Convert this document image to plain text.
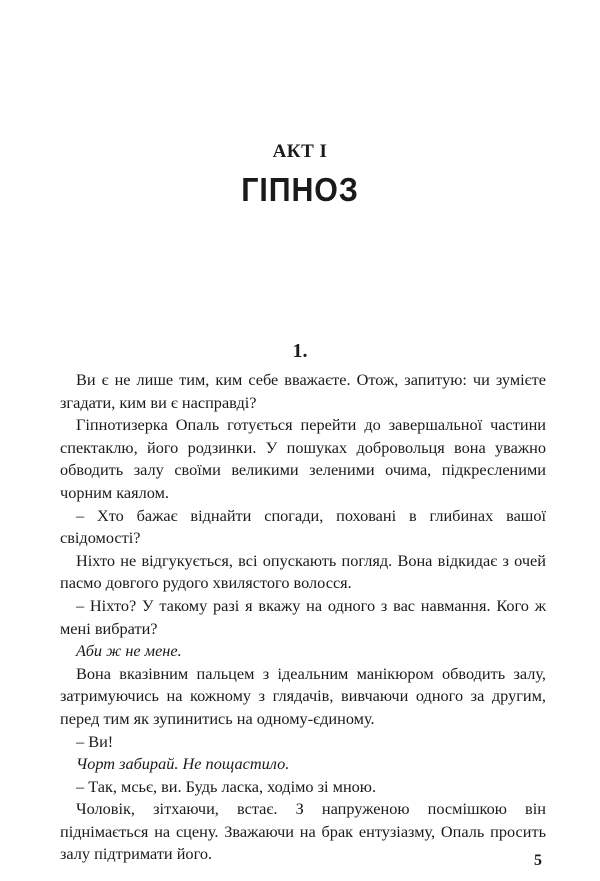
АКТ І
ГІПНОЗ
1.

Ви є не лише тим, ким себе вважаєте. Отож, запитую: чи зумієте згадати, ким ви є насправді?

Гіпнотизерка Опаль готується перейти до завершальної частини спектаклю, його родзинки. У пошуках добровольця вона уважно обводить залу своїми великими зеленими очима, підкресленими чорним каялом.

– Хто бажає віднайти спогади, поховані в глибинах вашої свідомості?

Ніхто не відгукується, всі опускають погляд. Вона відкидає з очей пасмо довгого рудого хвилястого волосся.

– Ніхто? У такому разі я вкажу на одного з вас навмання. Кого ж мені вибрати?

Аби ж не мене.

Вона вказівним пальцем з ідеальним манікюром обводить залу, затримуючись на кожному з глядачів, вивчаючи одного за другим, перед тим як зупинитись на одному-єдиному.

– Ви!

Чорт забирай. Не пощастило.

– Так, мсьє, ви. Будь ласка, ходімо зі мною.

Чоловік, зітхаючи, встає. З напруженою посмішкою він піднімається на сцену. Зважаючи на брак ентузіазму, Опаль просить залу підтримати його.	5
